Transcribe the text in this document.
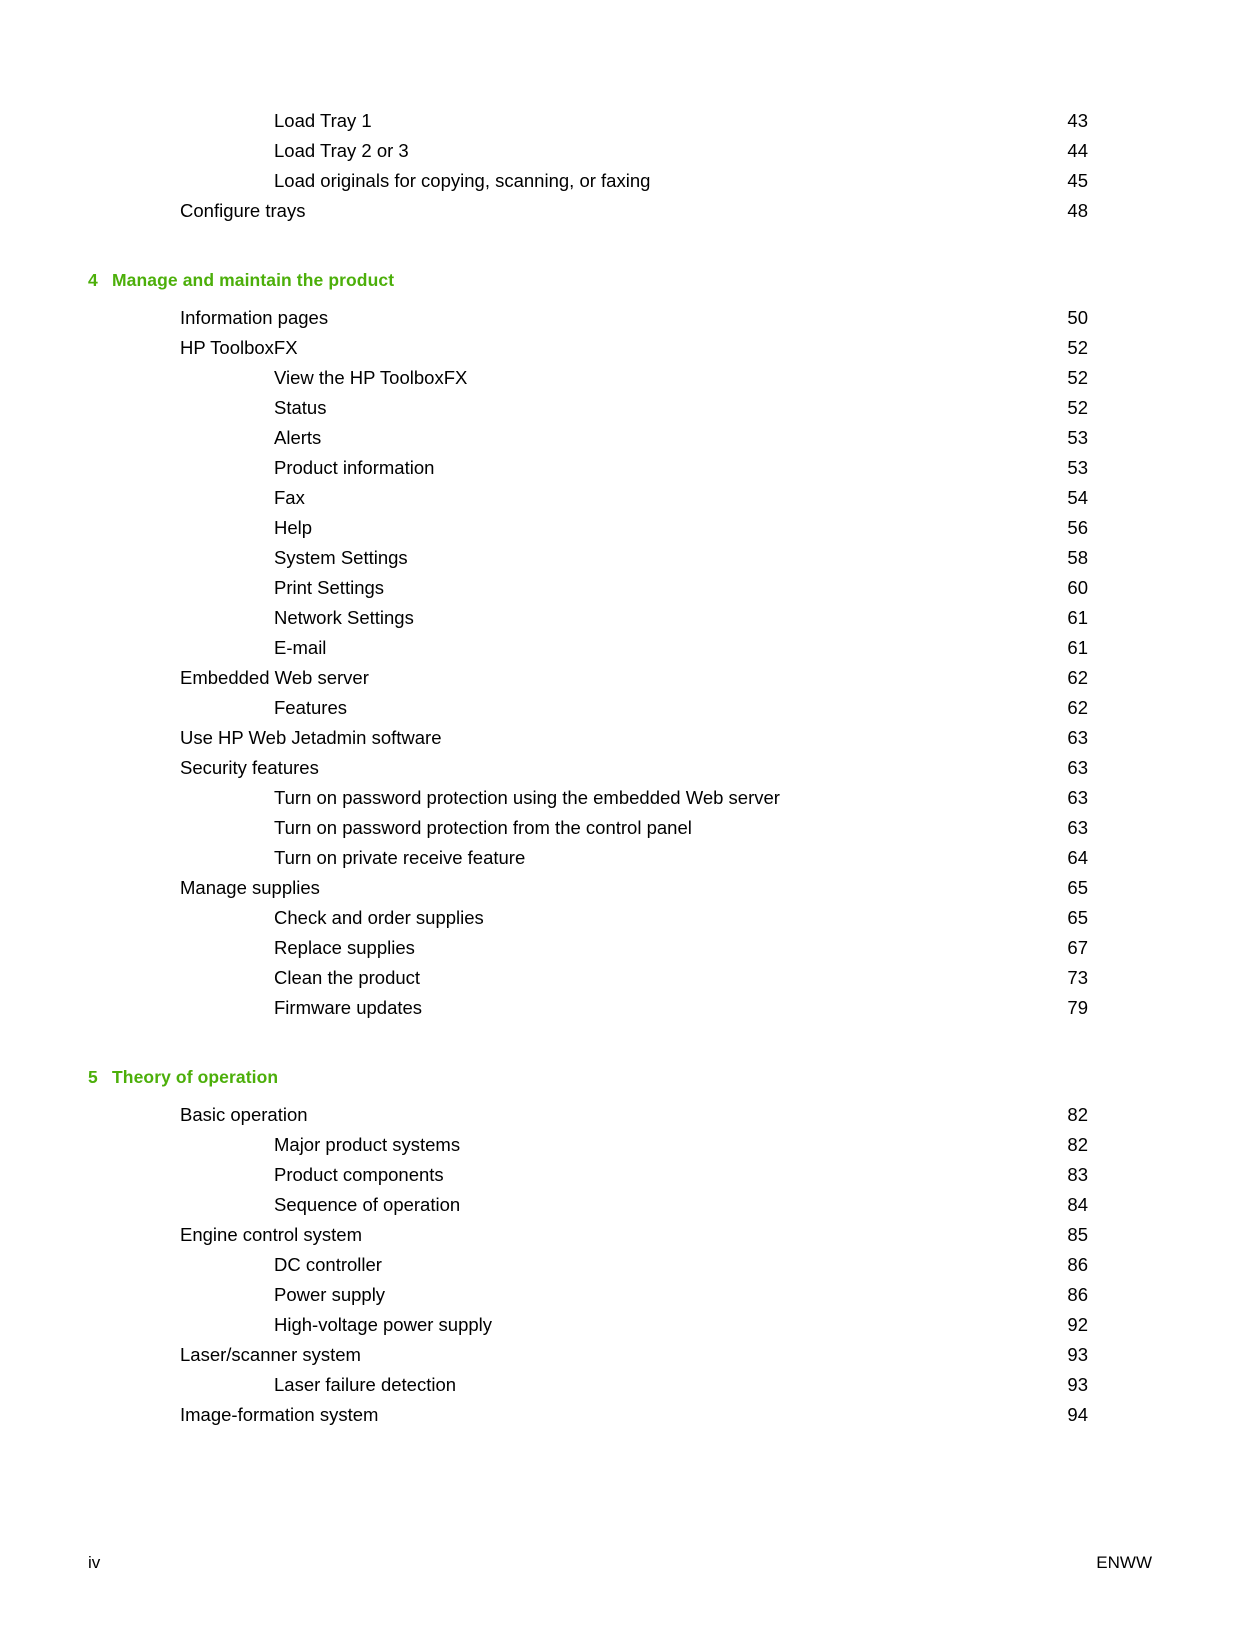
Load Tray 1 .....	43
Load Tray 2 or 3 .....	44
Load originals for copying, scanning, or faxing .....	45
Configure trays .....	48
4 Manage and maintain the product
Information pages .....	50
HP ToolboxFX .....	52
View the HP ToolboxFX .....	52
Status .....	52
Alerts .....	53
Product information .....	53
Fax .....	54
Help .....	56
System Settings .....	58
Print Settings .....	60
Network Settings .....	61
E-mail .....	61
Embedded Web server .....	62
Features .....	62
Use HP Web Jetadmin software .....	63
Security features .....	63
Turn on password protection using the embedded Web server .....	63
Turn on password protection from the control panel .....	63
Turn on private receive feature .....	64
Manage supplies .....	65
Check and order supplies .....	65
Replace supplies .....	67
Clean the product .....	73
Firmware updates .....	79
5 Theory of operation
Basic operation .....	82
Major product systems .....	82
Product components .....	83
Sequence of operation .....	84
Engine control system .....	85
DC controller .....	86
Power supply .....	86
High-voltage power supply .....	92
Laser/scanner system .....	93
Laser failure detection .....	93
Image-formation system .....	94
iv	ENWW
